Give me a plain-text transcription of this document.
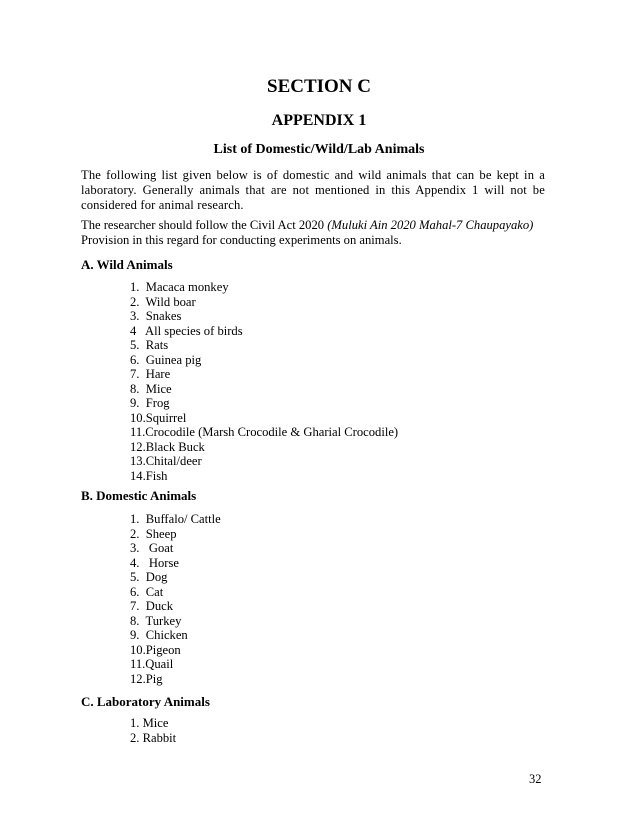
SECTION C
APPENDIX 1
List of Domestic/Wild/Lab Animals
The following list given below is of domestic and wild animals that can be kept in a
laboratory. Generally animals that are not mentioned in this Appendix 1 will not be
considered for animal research.
The researcher should follow the Civil Act 2020 (Muluki Ain 2020 Mahal-7 Chaupayako)
Provision in this regard for conducting experiments on animals.
A. Wild Animals
1.  Macaca monkey
2.  Wild boar
3.  Snakes
4   All species of birds
5.  Rats
6.  Guinea pig
7.  Hare
8.  Mice
9.  Frog
10.Squirrel
11.Crocodile (Marsh Crocodile & Gharial Crocodile)
12.Black Buck
13.Chital/deer
14.Fish
B. Domestic Animals
1.  Buffalo/ Cattle
2.  Sheep
3.   Goat
4.   Horse
5.  Dog
6.  Cat
7.  Duck
8.  Turkey
9.  Chicken
10.Pigeon
11.Quail
12.Pig
C. Laboratory Animals
1. Mice
2. Rabbit
32
